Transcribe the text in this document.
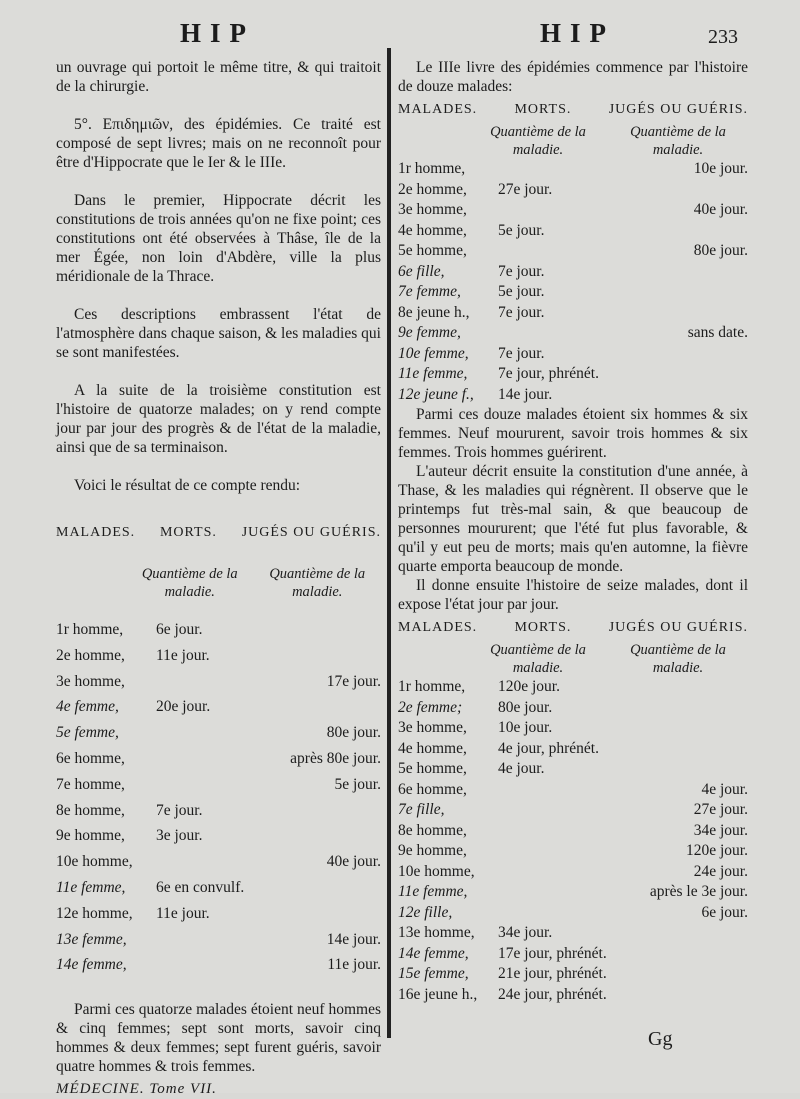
HIP	HIP	233

un ouvrage qui portoit le même titre, & qui traitoit de la chirurgie.

5°. Επιδημιῶν, des épidémies. Ce traité est composé de sept livres; mais on ne reconnoît pour être d'Hippocrate que le Ier & le IIIe.

Dans le premier, Hippocrate décrit les constitutions de trois années qu'on ne fixe point; ces constitutions ont été observées à Thâse, île de la mer Égée, non loin d'Abdère, ville la plus méridionale de la Thrace.

Ces descriptions embrassent l'état de l'atmosphère dans chaque saison, & les maladies qui se sont manifestées.

A la suite de la troisième constitution est l'histoire de quatorze malades; on y rend compte jour par jour des progrès & de l'état de la maladie, ainsi que de sa terminaison.

Voici le résultat de ce compte rendu:

MALADES. MORTS. JUGÉS OU GUÉRIS.
Quantième de la maladie.
Quantième de la maladie.
1r homme,	6e jour.	
2e homme,	11e jour.	
3e homme,		17e jour.
4e femme,	20e jour.	
5e femme,		80e jour.
6e homme,		après 80e jour.
7e homme,		5e jour.
8e homme,	7e jour.	
9e homme,	3e jour.	
10e homme,		40e jour.
11e femme,	6e en convulf.	
12e homme,	11e jour.	
13e femme,		14e jour.
14e femme,		11e jour.

Parmi ces quatorze malades étoient neuf hommes & cinq femmes; sept sont morts, savoir cinq hommes & deux femmes; sept furent guéris, savoir quatre hommes & trois femmes.

MÉDECINE. Tome VII.

Le IIIe livre des épidémies commence par l'histoire de douze malades:

MALADES.	MORTS.	JUGÉS OU GUÉRIS.
Quantième de la maladie.
Quantième de la maladie.
1r homme,		10e jour.
2e homme,	27e jour.	
3e homme,		40e jour.
4e homme,	5e jour.	
5e homme,		80e jour.
6e fille,	7e jour.	
7e femme,	5e jour.	
8e jeune h.,	7e jour.	
9e femme,		sans date.
10e femme,	7e jour.	
11e femme,	7e jour, phrénét.	
12e jeune f.,	14e jour.	

Parmi ces douze malades étoient six hommes & six femmes. Neuf moururent, savoir trois hommes & six femmes. Trois hommes guérirent.

L'auteur décrit ensuite la constitution d'une année, à Thase, & les maladies qui régnèrent. Il observe que le printemps fut très-mal sain, & que beaucoup de personnes moururent; que l'été fut plus favorable, & qu'il y eut peu de morts; mais qu'en automne, la fièvre quarte emporta beaucoup de monde.

Il donne ensuite l'histoire de seize malades, dont il expose l'état jour par jour.

MALADES.	MORTS.	JUGÉS OU GUÉRIS.
Quantième de la maladie.
Quantième de la maladie.
1r homme,	120e jour.	
2e femme;	80e jour.	
3e homme,	10e jour.	
4e homme,	4e jour, phrénét.	
5e homme,	4e jour.	
6e homme,		4e jour.
7e fille,		27e jour.
8e homme,		34e jour.
9e homme,		120e jour.
10e homme,		24e jour.
11e femme,		après le 3e jour.
12e fille,		6e jour.
13e homme,	34e jour.	
14e femme,	17e jour, phrénét.	
15e femme,	21e jour, phrénét.	
16e jeune h.,	24e jour, phrénét.	
Gg
